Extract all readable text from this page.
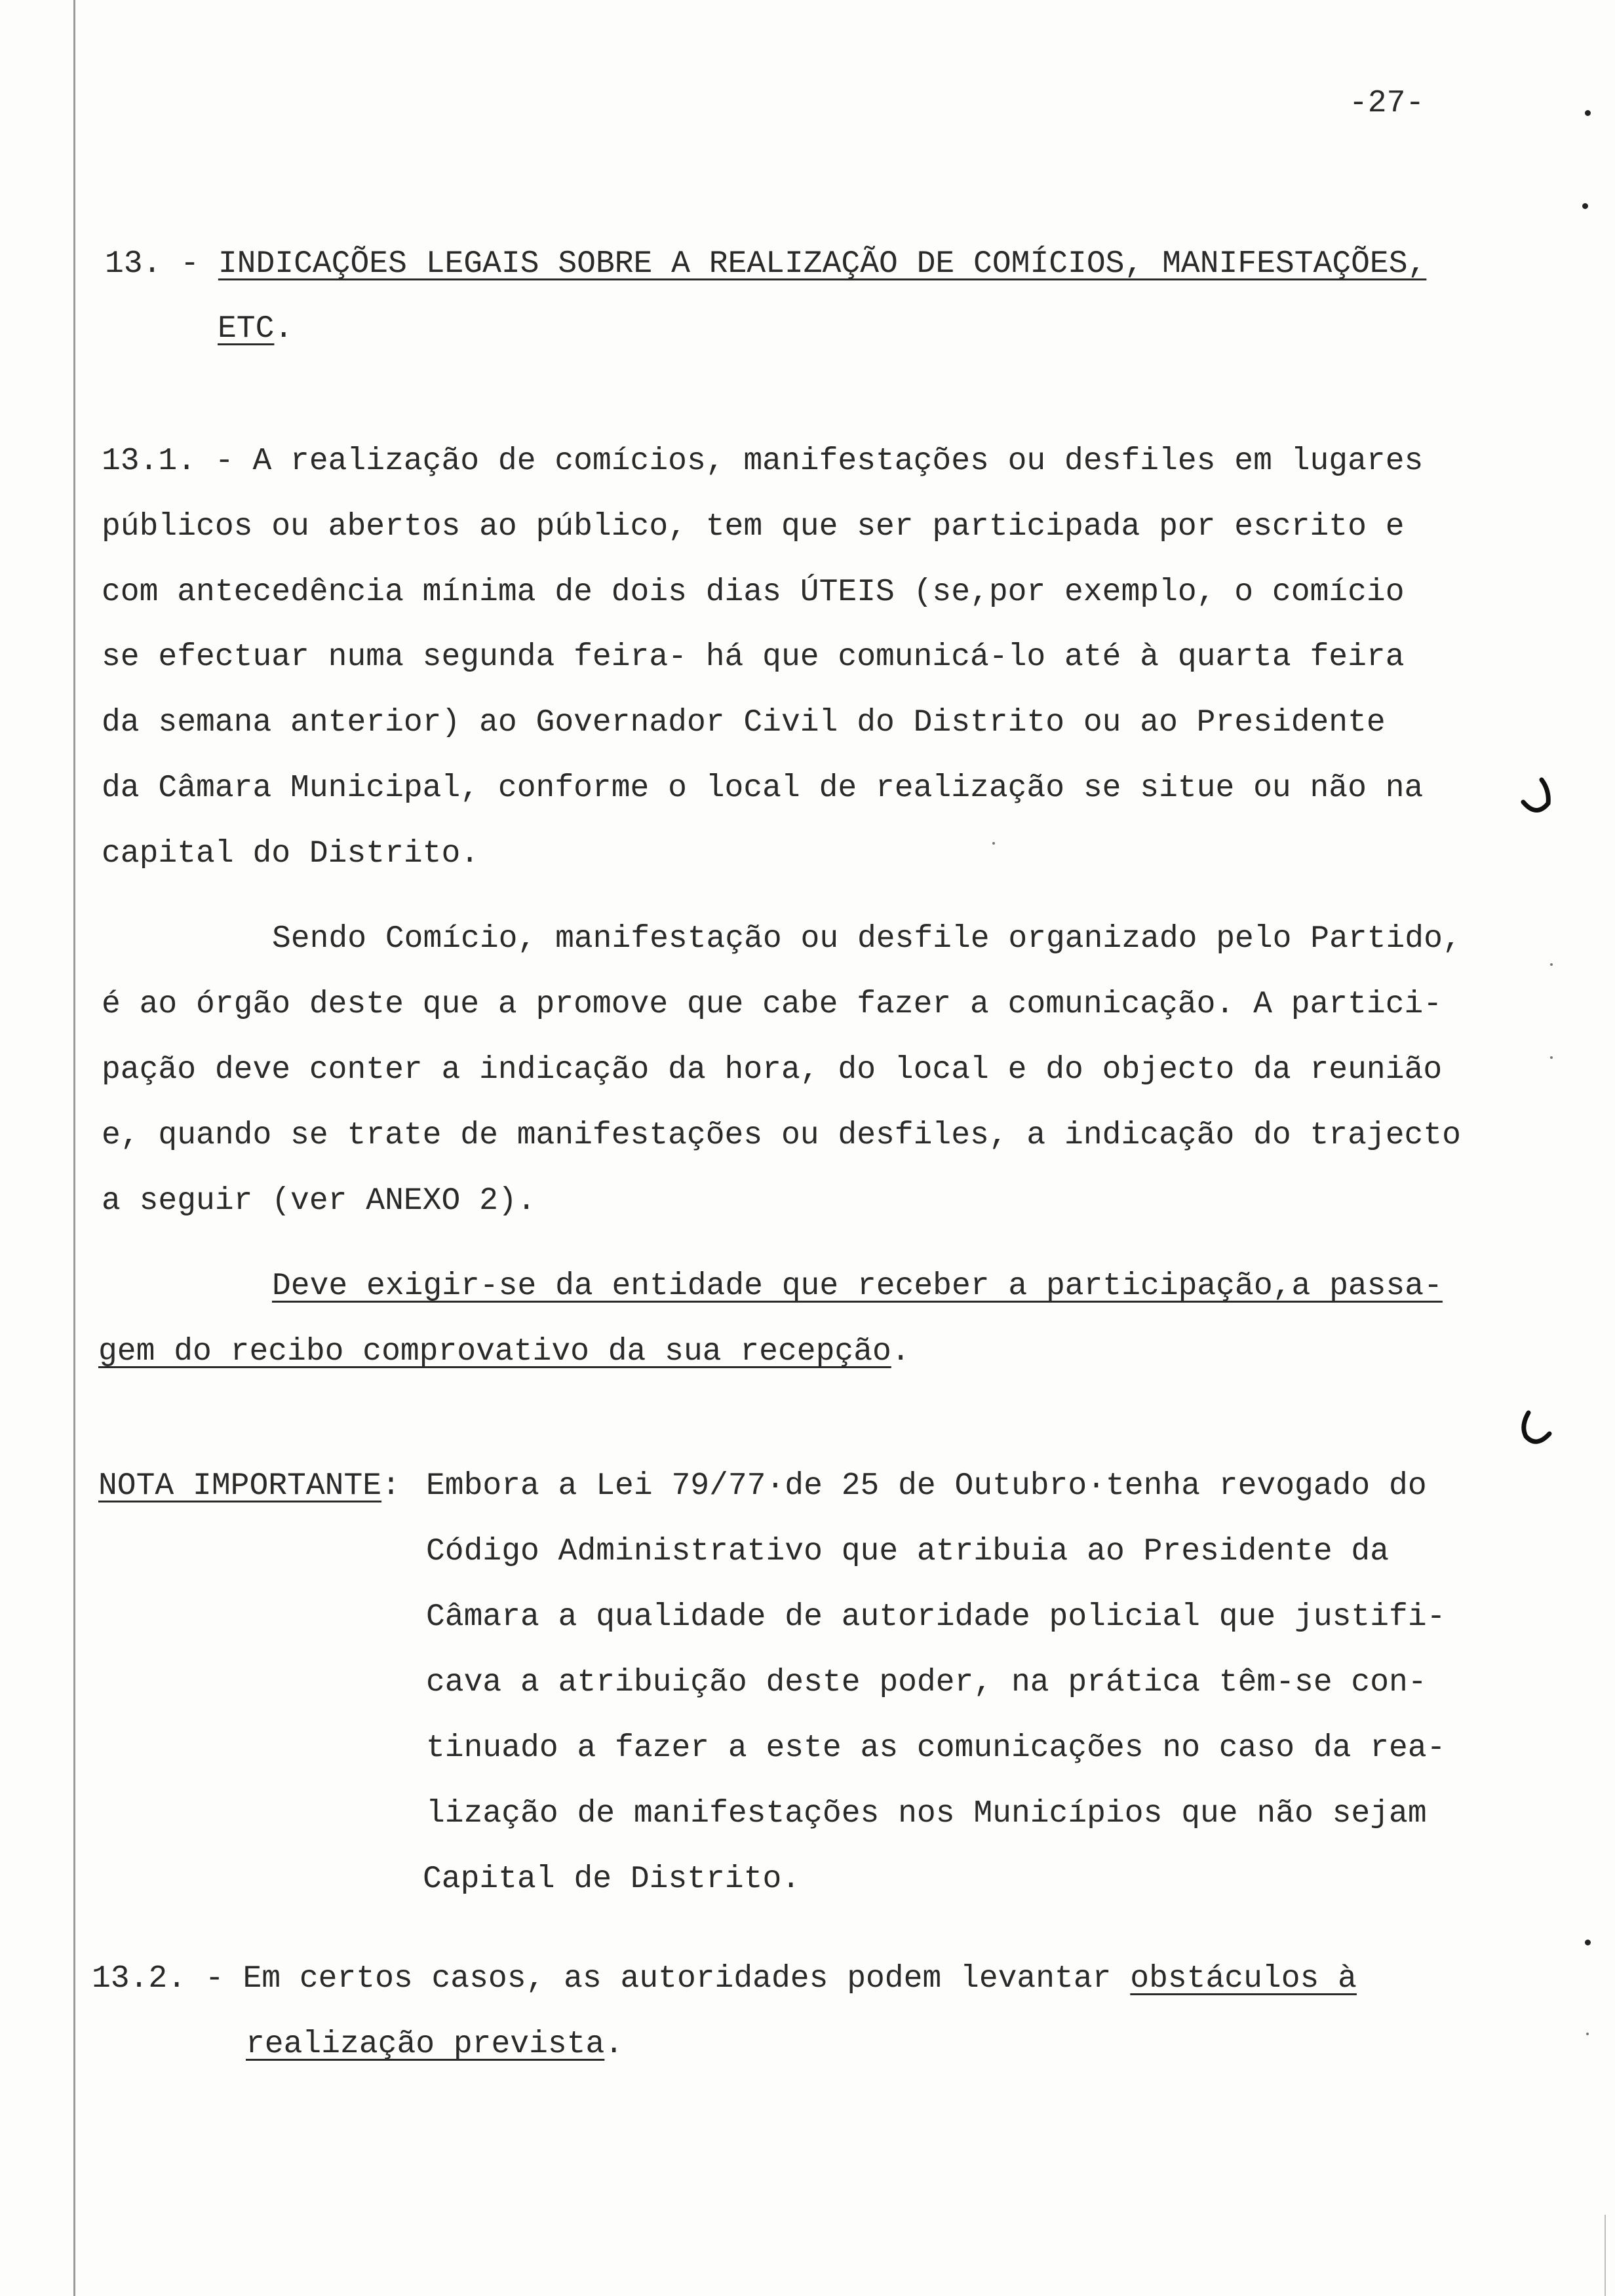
-27-
13. - INDICAÇÕES LEGAIS SOBRE A REALIZAÇÃO DE COMÍCIOS, MANIFESTAÇÕES,
ETC.
13.1. - A realização de comícios, manifestações ou desfiles em lugares
públicos ou abertos ao público, tem que ser participada por escrito e
com antecedência mínima de dois dias ÚTEIS (se,por exemplo, o comício
se efectuar numa segunda feira- há que comunicá-lo até à quarta feira
da semana anterior) ao Governador Civil do Distrito ou ao Presidente
da Câmara Municipal, conforme o local de realização se situe ou não na
capital do Distrito.
Sendo Comício, manifestação ou desfile organizado pelo Partido,
é ao órgão deste que a promove que cabe fazer a comunicação. A partici-
pação deve conter a indicação da hora, do local e do objecto da reunião
e, quando se trate de manifestações ou desfiles, a indicação do trajecto
a seguir (ver ANEXO 2).
Deve exigir-se da entidade que receber a participação,a passa-
gem do recibo comprovativo da sua recepção.
NOTA IMPORTANTE: Embora a Lei 79/77·de 25 de Outubro·tenha revogado do
Código Administrativo que atribuia ao Presidente da
Câmara a qualidade de autoridade policial que justifi-
cava a atribuição deste poder, na prática têm-se con-
tinuado a fazer a este as comunicações no caso da rea-
lização de manifestações nos Municípios que não sejam
Capital de Distrito.
13.2. - Em certos casos, as autoridades podem levantar obstáculos à
realização prevista.
